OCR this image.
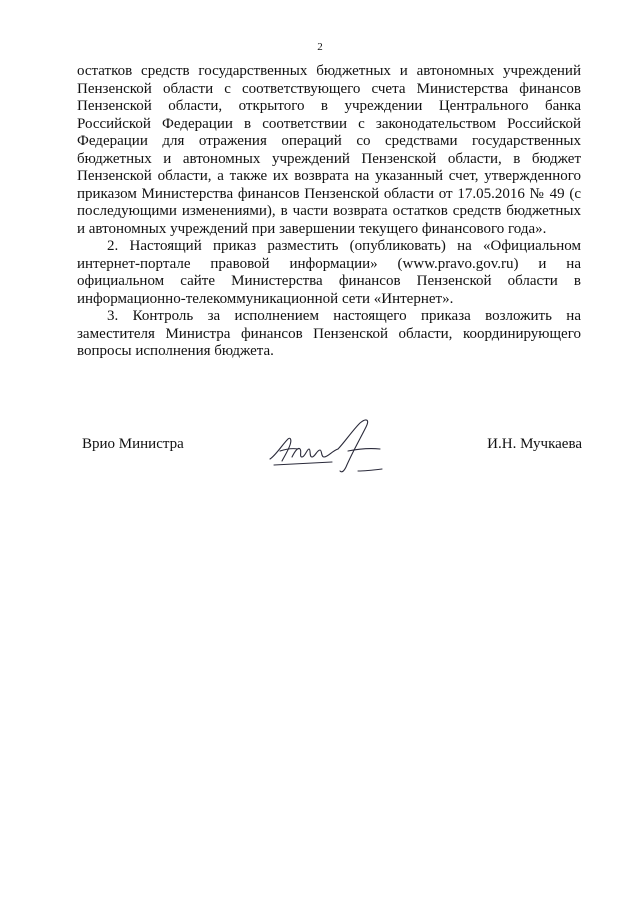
2

остатков средств государственных бюджетных и автономных учреждений Пензенской области с соответствующего счета Министерства финансов Пензенской области, открытого в учреждении Центрального банка Российской Федерации в соответствии с законодательством Российской Федерации для отражения операций со средствами государственных бюджетных и автономных учреждений Пензенской области, в бюджет Пензенской области, а также их возврата на указанный счет, утвержденного приказом Министерства финансов Пензенской области от 17.05.2016 № 49 (с последующими изменениями), в части возврата остатков средств бюджетных и автономных учреждений при завершении текущего финансового года».

2. Настоящий приказ разместить (опубликовать) на «Официальном интернет-портале правовой информации» (www.pravo.gov.ru) и на официальном сайте Министерства финансов Пензенской области в информационно-телекоммуникационной сети «Интернет».

3. Контроль за исполнением настоящего приказа возложить на заместителя Министра финансов Пензенской области, координирующего вопросы исполнения бюджета.

Врио Министра	И.Н. Мучкаева
